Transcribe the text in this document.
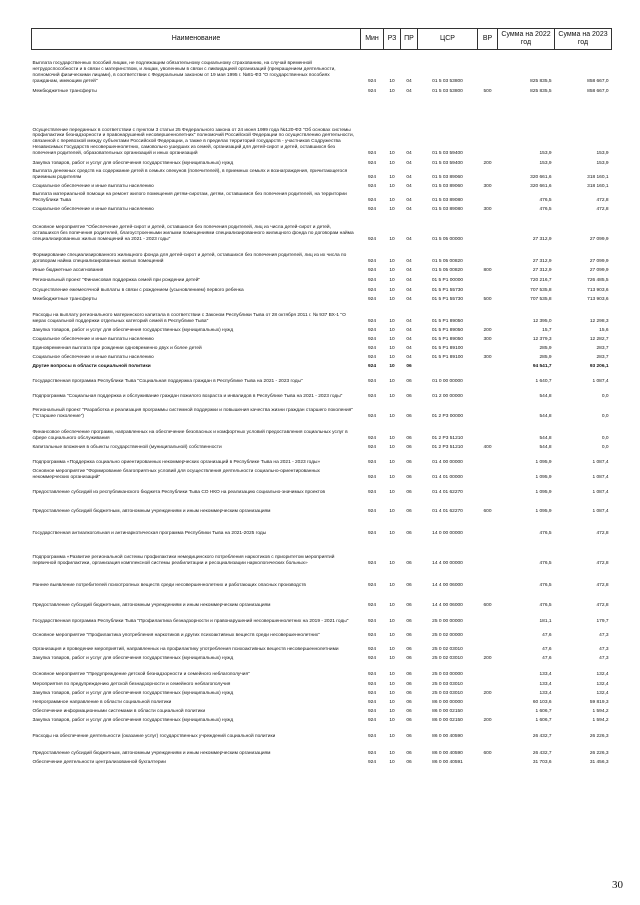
Наименование	Мин	РЗ	ПР	ЦСР	ВР	Сумма на 2022 год	Сумма на 2023 год
Выплата государственных пособий лицам, не подлежащим обязательному социальному страхованию, на случай временной нетрудоспособности и в связи с материнством, и лицам, уволенным в связи с ликвидацией организаций (прекращением деятельности, полномочий физическими лицами), в соответствии с Федеральным законом от 19 мая 1995 г. №81-ФЗ "О государственных пособиях гражданам, имеющим детей"	924	10	04	01 5 03 53800		825 835,5	858 667,0
Межбюджетные трансферты	924	10	04	01 5 03 53800	500	825 835,5	858 667,0
Осуществление переданных в соответствии с пунктом 3 статьи 25 Федерального закона от 24 июня 1999 года №120-ФЗ "Об основах системы профилактики безнадзорности и правонарушений несовершеннолетних" полномочий Российской Федерации по осуществлению деятельности, связанной с перевозкой между субъектами Российской Федерации, а также в пределах территорий государств - участников Содружества Независимых Государств несовершеннолетних, самовольно ушедших из семей, организаций для детей-сирот и детей, оставшихся без попечения родителей, образовательных организаций и иных организаций	924	10	04	01 5 03 59400		153,9	153,9
Закупка товаров, работ и услуг для обеспечения государственных (муниципальных) нужд	924	10	04	01 5 03 59400	200	153,9	153,9
Выплата денежных средств на содержание детей в семьях опекунов (попечителей), в приемных семьях и вознаграждения, причитающегося приемным родителям	924	10	04	01 5 03 89060		320 661,6	318 160,1
Социальное обеспечение и иные выплаты населению	924	10	04	01 5 03 89060	300	320 661,6	318 160,1
Выплата материальной помощи на ремонт жилого помещения детям-сиротам, детям, оставшимся без попечения родителей, на территории Республики Тыва	924	10	04	01 5 03 89080		476,5	472,8
Социальное обеспечение и иные выплаты населению	924	10	04	01 5 03 89080	300	476,5	472,8
Основное мероприятие "Обеспечение детей-сирот и детей, оставшихся без попечения родителей, лиц из числа детей-сирот и детей, оставшихся без попечения родителей, благоустроенными жилыми помещениями специализированного жилищного фонда по договорам найма специализированных жилых помещений на 2021 - 2023 годы"	924	10	04	01 5 05 00000		27 312,9	27 099,9
Формирование специализированного жилищного фонда для детей-сирот и детей, оставшихся без попечения родителей, лиц из их числа по договорам найма специализированных жилых помещений	924	10	04	01 5 05 00820		27 312,9	27 099,9
Иные бюджетные ассигнования	924	10	04	01 5 05 00820	800	27 312,9	27 099,9
Региональный проект "Финансовая поддержка семей при рождении детей"	924	10	04	01 5 P1 00000		720 216,7	726 485,5
Осуществление ежемесячной выплаты в связи с рождением (усыновлением) первого ребенка	924	10	04	01 5 P1 55730		707 535,8	713 903,6
Межбюджетные трансферты	924	10	04	01 5 P1 55730	500	707 535,8	713 903,6
Расходы на выплату регионального материнского капитала в соответствии с Законом Республики Тыва от 28 октября 2011 г. № 937 ВХ-1 "О мерах социальной поддержки отдельных категорий семей в Республике Тыва"	924	10	04	01 5 P1 89050		12 395,0	12 298,3
Закупка товаров, работ и услуг для обеспечения государственных (муниципальных) нужд	924	10	04	01 5 P1 89050	200	15,7	15,6
Социальное обеспечение и иные выплаты населению	924	10	04	01 5 P1 89050	300	12 379,3	12 282,7
Единовременная выплата при рождении одновременно двух и более детей	924	10	04	01 5 P1 89100		285,9	283,7
Социальное обеспечение и иные выплаты населению	924	10	04	01 5 P1 89100	300	285,9	283,7
Другие вопросы в области социальной политики	924	10	06			94 541,7	93 206,1
Государственная программа Республики Тыва "Социальная поддержка граждан в Республике Тыва на 2021 - 2023 годы"	924	10	06	01 0 00 00000		1 640,7	1 087,4
Подпрограмма "Социальная поддержка и обслуживание граждан пожилого возраста и инвалидов в Республике Тыва на 2021 - 2023 годы"	924	10	06	01 2 00 00000		544,8	0,0
Региональный проект "Разработка и реализация программы системной поддержки и повышения качества жизни граждан старшего поколения" ("Старшее поколение")	924	10	06	01 2 P3 00000		544,8	0,0
Финансовое обеспечение программ, направленных на обеспечение безопасных и комфортных условий предоставления социальных услуг в сфере социального обслуживания	924	10	06	01 2 P3 51210		544,8	0,0
Капитальные вложения в объекты государственной (муниципальной) собственности	924	10	06	01 2 P3 51210	400	544,8	0,0
Подпрограмма «Поддержка социально ориентированных некоммерческих организаций в Республике Тыва на 2021 - 2023 годы»	924	10	06	01 4 00 00000		1 095,9	1 087,4
Основное мероприятие "Формирование благоприятных условий для осуществления деятельности социально-ориентированных некоммерческих организаций"	924	10	06	01 4 01 00000		1 095,9	1 087,4
Предоставление субсидий из республиканского бюджета Республики Тыва СО НКО на реализацию социально-значимых проектов	924	10	06	01 4 01 62270		1 095,9	1 087,4
Предоставление субсидий бюджетным, автономным учреждениям и иным некоммерческим организациям	924	10	06	01 4 01 62270	600	1 095,9	1 087,4
Государственная антиалкогольная и антинаркотическая программа Республики Тыва на 2021-2025 годы	924	10	06	14 0 00 00000		476,5	472,8
Подпрограмма «Развитие региональной системы профилактики немедицинского потребления наркотиков с приоритетом мероприятий первичной профилактики, организация комплексной системы реабилитации и ресоциализации наркологических больных»	924	10	06	14 4 00 00000		476,5	472,8
Раннее выявление потребителей психотропных веществ среди несовершеннолетних и работающих опасных производств	924	10	06	14 4 00 06000		476,5	472,8
Предоставление субсидий бюджетным, автономным учреждениям и иным некоммерческим организациям	924	10	06	14 4 00 06000	600	476,5	472,8
Государственная программа Республики Тыва "Профилактика безнадзорности и правонарушений несовершеннолетних на 2019 - 2021 годы"	924	10	06	25 0 00 00000		181,1	179,7
Основное мероприятие "Профилактика употребления наркотиков и других психоактивных веществ среди несовершеннолетних"	924	10	06	25 0 02 00000		47,6	47,3
Организация и проведение мероприятий, направленных на профилактику употребления психоактивных веществ несовершеннолетними	924	10	06	25 0 02 03010		47,6	47,3
Закупка товаров, работ и услуг для обеспечения государственных (муниципальных) нужд	924	10	06	25 0 02 03010	200	47,6	47,3
Основное мероприятие "Предупреждение детской безнадзорности и семейного неблагополучия"	924	10	06	25 0 03 00000		133,4	132,4
Мероприятия по предупреждению детской безнадзорности и семейного неблагополучия	924	10	06	25 0 03 03010		133,4	132,4
Закупка товаров, работ и услуг для обеспечения государственных (муниципальных) нужд	924	10	06	25 0 03 03010	200	133,4	132,4
Непрограммное направление в области социальной политики	924	10	06	86 0 00 00000		60 103,6	59 819,3
Обеспечение информационными системами в области социальной политики	924	10	06	86 0 00 02150		1 606,7	1 594,2
Закупка товаров, работ и услуг для обеспечения государственных (муниципальных) нужд	924	10	06	86 0 00 02150	200	1 606,7	1 594,2
Расходы на обеспечение деятельности (оказание услуг) государственных учреждений социальной политики	924	10	06	86 0 00 40590		26 432,7	26 226,3
Предоставление субсидий бюджетным, автономным учреждениям и иным некоммерческим организациям	924	10	06	86 0 00 40590	600	26 432,7	26 226,3
Обеспечение деятельности централизованной бухгалтерии	924	10	06	86 0 00 40591		31 703,6	31 456,3
30
